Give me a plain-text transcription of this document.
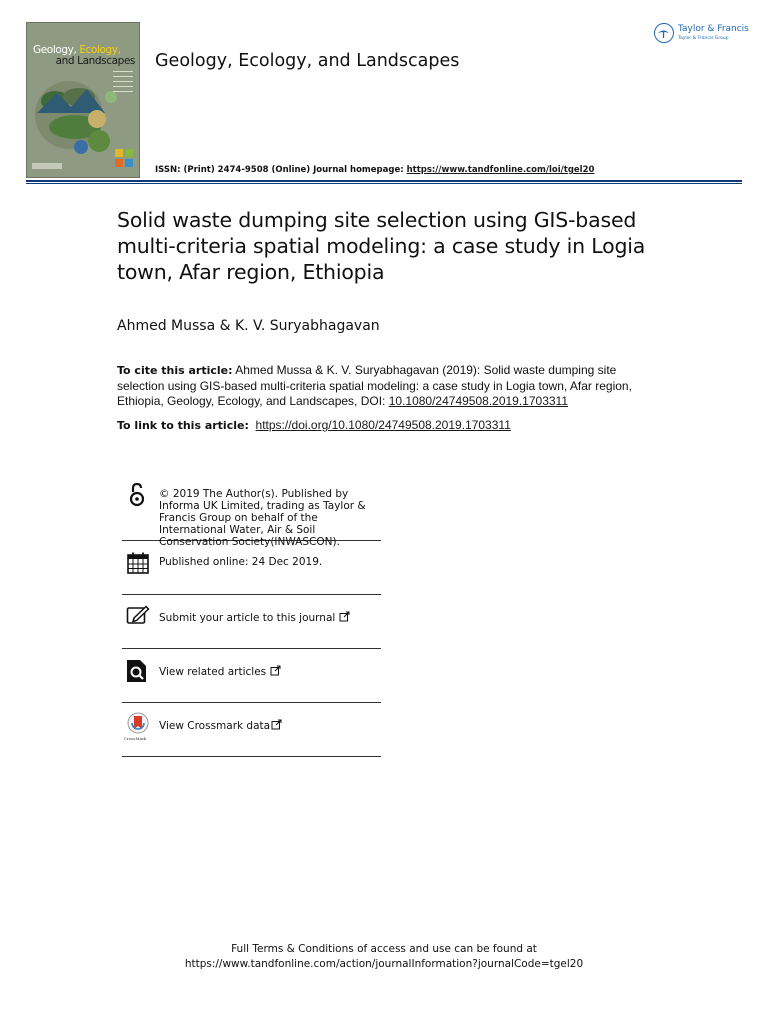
Geology, Ecology,
and Landscapes Geology, Ecology, and Landscapes
ISSN: (Print) 2474-9508 (Online) Journal homepage: https://www.tandfonline.com/loi/tgel20
Taylor & Francis
Taylor & Francis Group
Solid waste dumping site selection using GIS-based multi-criteria spatial modeling: a case study in Logia town, Afar region, Ethiopia
Ahmed Mussa & K. V. Suryabhagavan
To cite this article: Ahmed Mussa & K. V. Suryabhagavan (2019): Solid waste dumping site selection using GIS-based multi-criteria spatial modeling: a case study in Logia town, Afar region, Ethiopia, Geology, Ecology, and Landscapes, DOI: 10.1080/24749508.2019.1703311
To link to this article: https://doi.org/10.1080/24749508.2019.1703311
© 2019 The Author(s). Published by Informa UK Limited, trading as Taylor & Francis Group on behalf of the International Water, Air & Soil Conservation Society(INWASCON).
Published online: 24 Dec 2019.
Submit your article to this journal
View related articles
CrossMark
View Crossmark data
Full Terms & Conditions of access and use can be found at
https://www.tandfonline.com/action/journalInformation?journalCode=tgel20
